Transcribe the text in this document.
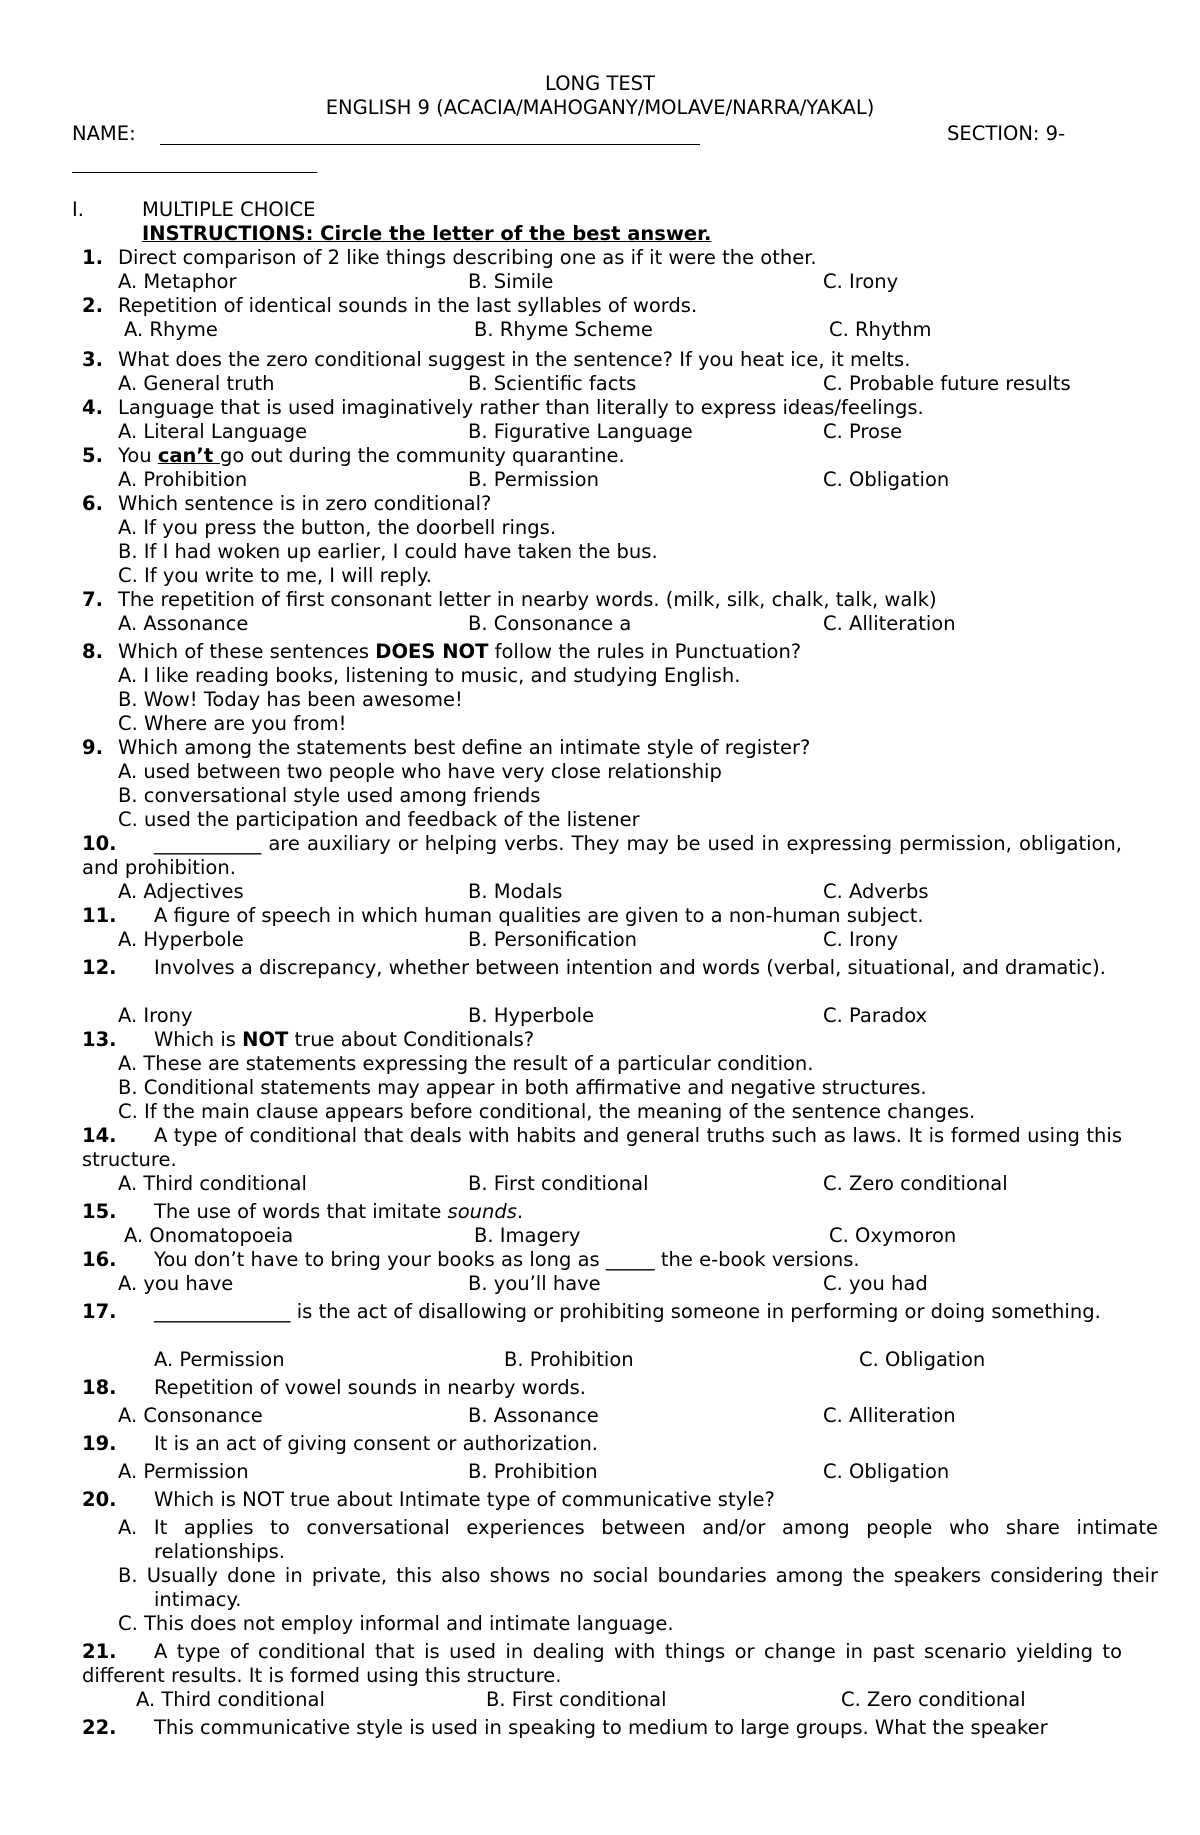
LONG TEST
ENGLISH 9 (ACACIA/MAHOGANY/MOLAVE/NARRA/YAKAL)
NAME:	SECTION: 9-
I.	MULTIPLE CHOICE
INSTRUCTIONS: Circle the letter of the best answer.
1. Direct comparison of 2 like things describing one as if it were the other.
A. Metaphor	B. Simile	C. Irony
2. Repetition of identical sounds in the last syllables of words.
A. Rhyme	B. Rhyme Scheme	C. Rhythm
3. What does the zero conditional suggest in the sentence? If you heat ice, it melts.
A. General truth	B. Scientific facts	C. Probable future results
4. Language that is used imaginatively rather than literally to express ideas/feelings.
A. Literal Language	B. Figurative Language	C. Prose
5. You can’t go out during the community quarantine.
A. Prohibition	B. Permission	C. Obligation
6. Which sentence is in zero conditional?
A. If you press the button, the doorbell rings.
B. If I had woken up earlier, I could have taken the bus.
C. If you write to me, I will reply.
7. The repetition of first consonant letter in nearby words. (milk, silk, chalk, talk, walk)
A. Assonance	B. Consonance a	C. Alliteration
8. Which of these sentences DOES NOT follow the rules in Punctuation?
A. I like reading books, listening to music, and studying English.
B. Wow! Today has been awesome!
C. Where are you from!
9. Which among the statements best define an intimate style of register?
A. used between two people who have very close relationship
B. conversational style used among friends
C. used the participation and feedback of the listener
10. ___________ are auxiliary or helping verbs. They may be used in expressing permission, obligation, and prohibition.
A. Adjectives	B. Modals	C. Adverbs
11. A figure of speech in which human qualities are given to a non-human subject.
A. Hyperbole	B. Personification	C. Irony
12. Involves a discrepancy, whether between intention and words (verbal, situational, and dramatic).
A. Irony	B. Hyperbole	C. Paradox
13. Which is NOT true about Conditionals?
A. These are statements expressing the result of a particular condition.
B. Conditional statements may appear in both affirmative and negative structures.
C. If the main clause appears before conditional, the meaning of the sentence changes.
14. A type of conditional that deals with habits and general truths such as laws. It is formed using this structure.
A. Third conditional	B. First conditional	C. Zero conditional
15. The use of words that imitate sounds.
A. Onomatopoeia	B. Imagery	C. Oxymoron
16. You don’t have to bring your books as long as _____ the e-book versions.
A. you have	B. you’ll have	C. you had
17. ______________ is the act of disallowing or prohibiting someone in performing or doing something.
A. Permission	B. Prohibition	C. Obligation
18. Repetition of vowel sounds in nearby words.
A. Consonance	B. Assonance	C. Alliteration
19. It is an act of giving consent or authorization.
A. Permission	B. Prohibition	C. Obligation
20. Which is NOT true about Intimate type of communicative style?
A. It applies to conversational experiences between and/or among people who share intimate relationships.
B. Usually done in private, this also shows no social boundaries among the speakers considering their intimacy.
C. This does not employ informal and intimate language.
21. A type of conditional that is used in dealing with things or change in past scenario yielding to different results. It is formed using this structure.
A. Third conditional	B. First conditional	C. Zero conditional
22. This communicative style is used in speaking to medium to large groups. What the speaker
